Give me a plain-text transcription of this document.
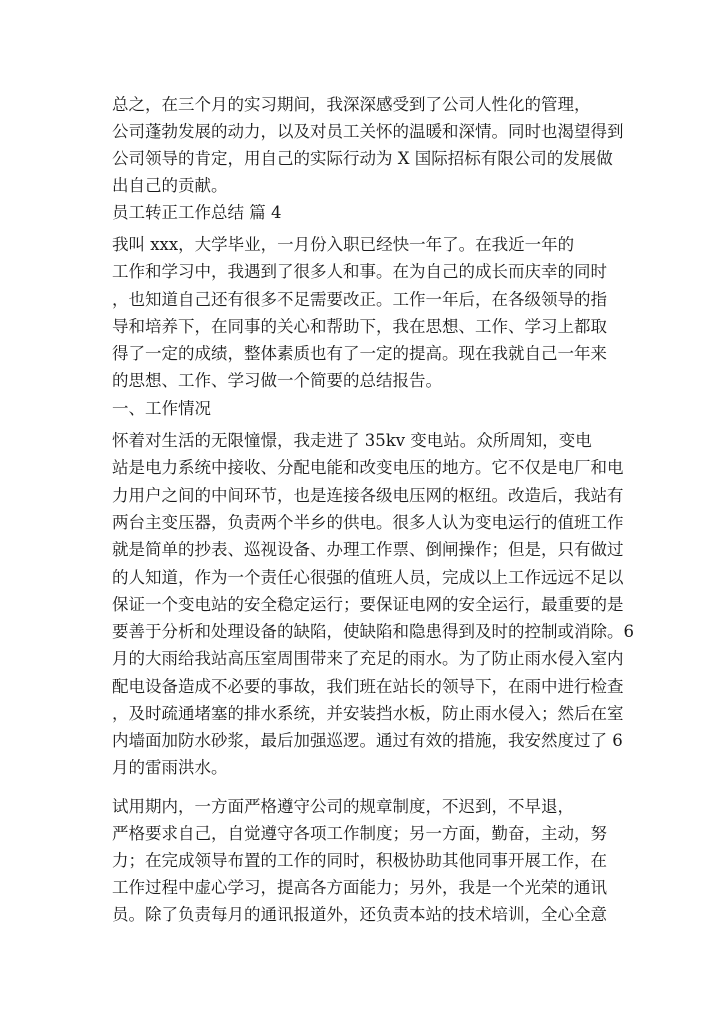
总之，在三个月的实习期间，我深深感受到了公司人性化的管理，
公司蓬勃发展的动力，以及对员工关怀的温暖和深情。同时也渴望得到
公司领导的肯定，用自己的实际行动为 X 国际招标有限公司的发展做
出自己的贡献。
员工转正工作总结 篇 4
我叫 xxx，大学毕业，一月份入职已经快一年了。在我近一年的
工作和学习中，我遇到了很多人和事。在为自己的成长而庆幸的同时
，也知道自己还有很多不足需要改正。工作一年后，在各级领导的指
导和培养下，在同事的关心和帮助下，我在思想、工作、学习上都取
得了一定的成绩，整体素质也有了一定的提高。现在我就自己一年来
的思想、工作、学习做一个简要的总结报告。
一、工作情况
怀着对生活的无限憧憬，我走进了 35kv 变电站。众所周知，变电
站是电力系统中接收、分配电能和改变电压的地方。它不仅是电厂和电
力用户之间的中间环节，也是连接各级电压网的枢纽。改造后，我站有
两台主变压器，负责两个半乡的供电。很多人认为变电运行的值班工作
就是简单的抄表、巡视设备、办理工作票、倒闸操作；但是，只有做过
的人知道，作为一个责任心很强的值班人员，完成以上工作远远不足以
保证一个变电站的安全稳定运行；要保证电网的安全运行，最重要的是
要善于分析和处理设备的缺陷，使缺陷和隐患得到及时的控制或消除。6
月的大雨给我站高压室周围带来了充足的雨水。为了防止雨水侵入室内
配电设备造成不必要的事故，我们班在站长的领导下，在雨中进行检查
，及时疏通堵塞的排水系统，并安装挡水板，防止雨水侵入；然后在室
内墙面加防水砂浆，最后加强巡逻。通过有效的措施，我安然度过了 6
月的雷雨洪水。
试用期内，一方面严格遵守公司的规章制度，不迟到，不早退，
严格要求自己，自觉遵守各项工作制度；另一方面，勤奋，主动，努
力；在完成领导布置的工作的同时，积极协助其他同事开展工作，在
工作过程中虚心学习，提高各方面能力；另外，我是一个光荣的通讯
员。除了负责每月的通讯报道外，还负责本站的技术培训，全心全意
